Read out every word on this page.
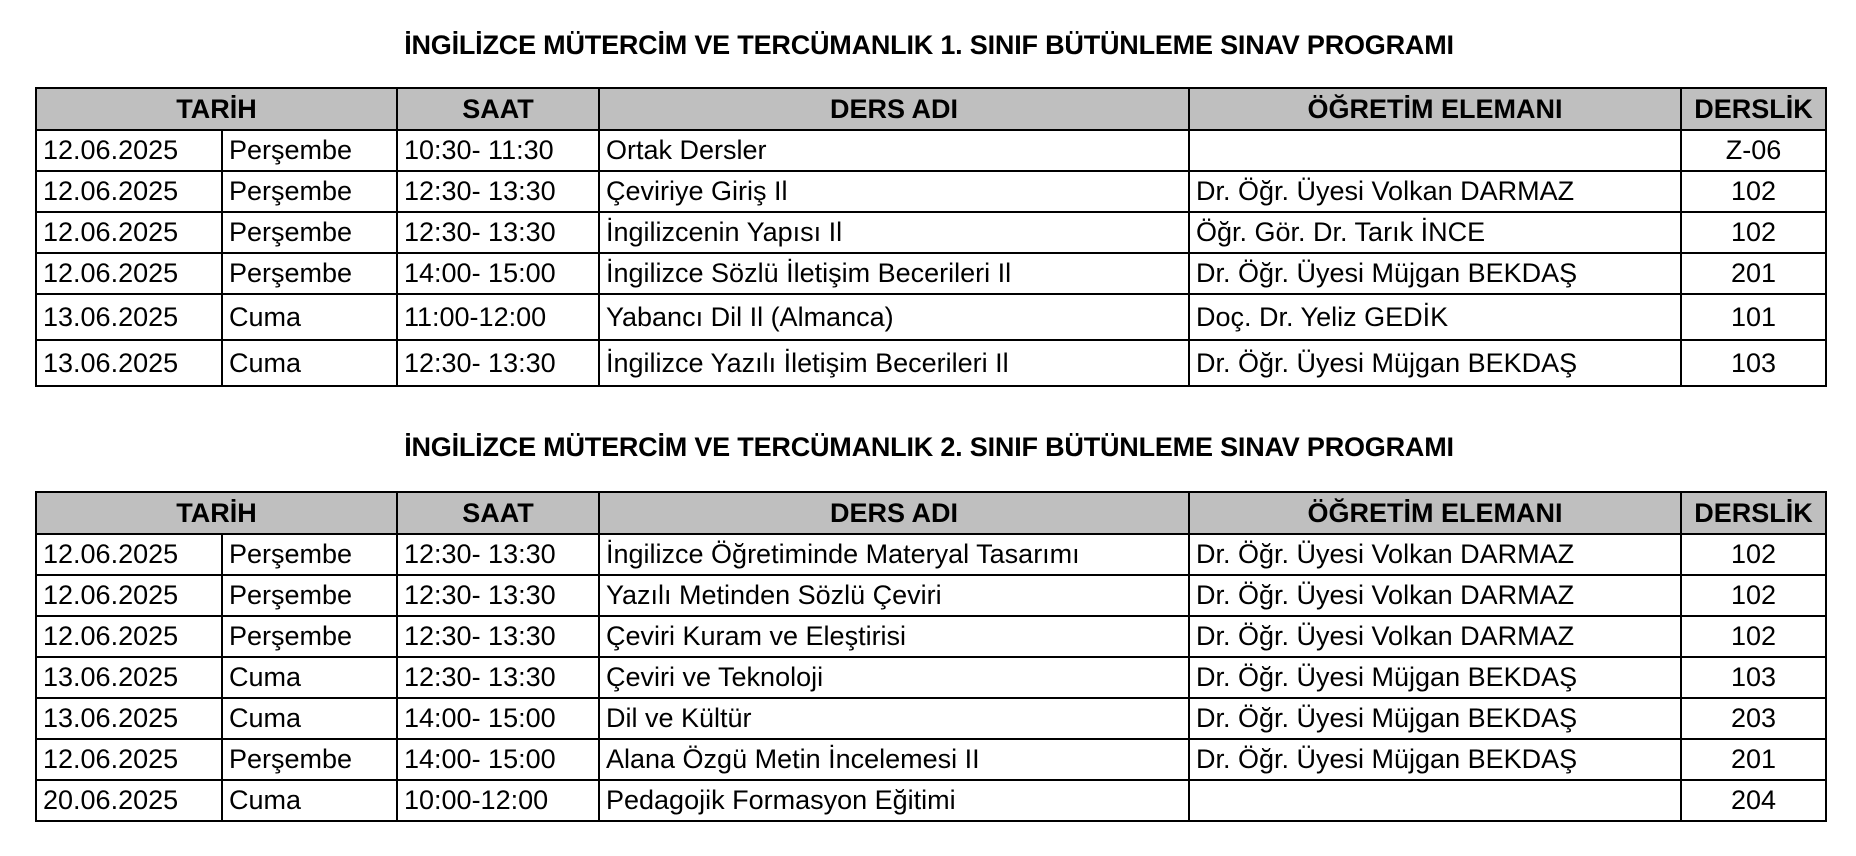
İNGİLİZCE MÜTERCİM VE TERCÜMANLIK 1. SINIF BÜTÜNLEME SINAV PROGRAMI
TARİH		SAAT	DERS ADI	ÖĞRETİM ELEMANI	DERSLİK
12.06.2025	Perşembe	10:30- 11:30	Ortak Dersler		Z-06
12.06.2025	Perşembe	12:30- 13:30	Çeviriye Giriş Il	Dr. Öğr. Üyesi Volkan DARMAZ	102
12.06.2025	Perşembe	12:30- 13:30	İngilizcenin Yapısı Il	Öğr. Gör. Dr. Tarık İNCE	102
12.06.2025	Perşembe	14:00- 15:00	İngilizce Sözlü İletişim Becerileri Il	Dr. Öğr. Üyesi Müjgan BEKDAŞ	201
13.06.2025	Cuma	11:00-12:00	Yabancı Dil Il (Almanca)	Doç. Dr. Yeliz GEDİK	101
13.06.2025	Cuma	12:30- 13:30	İngilizce Yazılı İletişim Becerileri Il	Dr. Öğr. Üyesi Müjgan BEKDAŞ	103
İNGİLİZCE MÜTERCİM VE TERCÜMANLIK 2. SINIF BÜTÜNLEME SINAV PROGRAMI
TARİH		SAAT	DERS ADI	ÖĞRETİM ELEMANI	DERSLİK
12.06.2025	Perşembe	12:30- 13:30	İngilizce Öğretiminde Materyal Tasarımı	Dr. Öğr. Üyesi Volkan DARMAZ	102
12.06.2025	Perşembe	12:30- 13:30	Yazılı Metinden Sözlü Çeviri	Dr. Öğr. Üyesi Volkan DARMAZ	102
12.06.2025	Perşembe	12:30- 13:30	Çeviri Kuram ve Eleştirisi	Dr. Öğr. Üyesi Volkan DARMAZ	102
13.06.2025	Cuma	12:30- 13:30	Çeviri ve Teknoloji	Dr. Öğr. Üyesi Müjgan BEKDAŞ	103
13.06.2025	Cuma	14:00- 15:00	Dil ve Kültür	Dr. Öğr. Üyesi Müjgan BEKDAŞ	203
12.06.2025	Perşembe	14:00- 15:00	Alana Özgü Metin İncelemesi II	Dr. Öğr. Üyesi Müjgan BEKDAŞ	201
20.06.2025	Cuma	10:00-12:00	Pedagojik Formasyon Eğitimi		204
